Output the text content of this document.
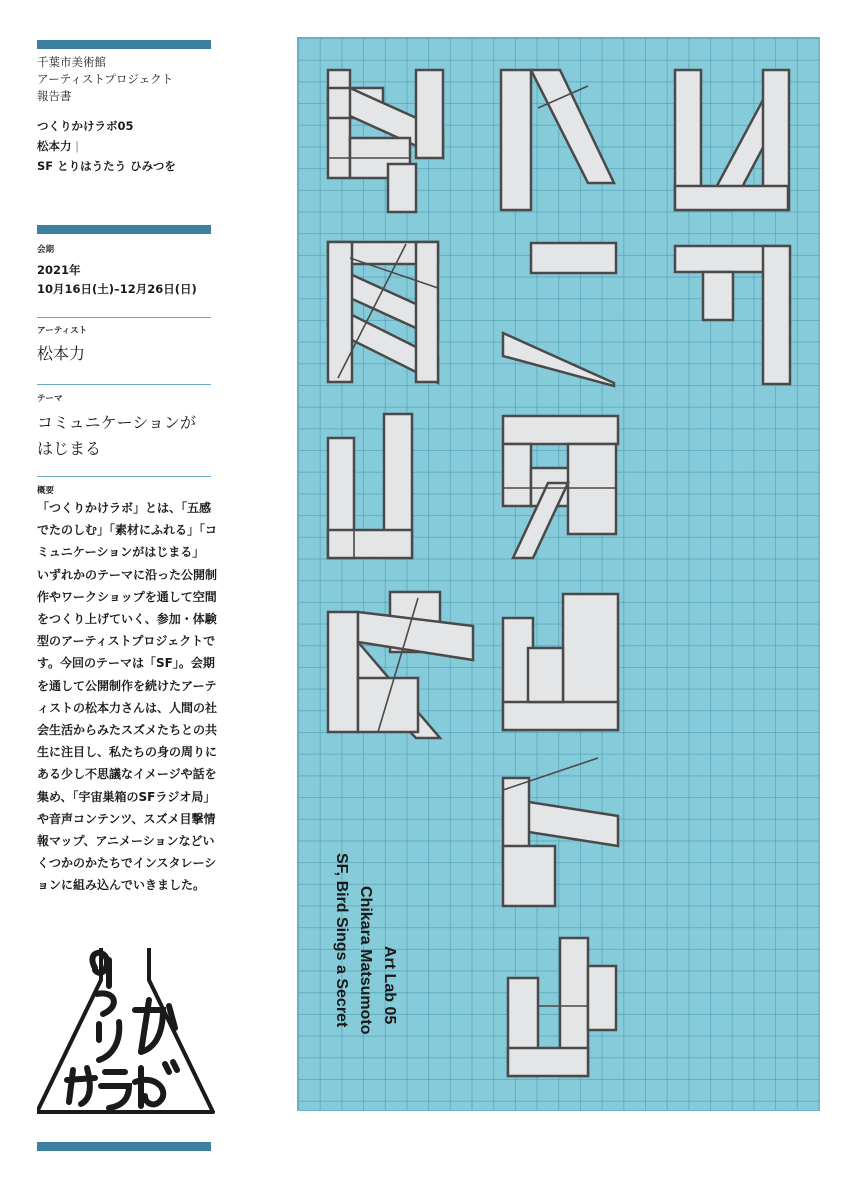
千葉市美術館

アーティストプロジェクト

報告書

つくりかけラボ05

松本力 |

SF とりはうたう ひみつを

会期

2021年

10月16日(土)–12月26日(日)

アーティスト

松本力

テーマ

コミュニケーションが

はじまる

概要

「つくりかけラボ」とは、「五感でたのしむ」「素材にふれる」「コミュニケーションがはじまる」 いずれかのテーマに沿った公開制作やワークショップを通して空間をつくり上げていく、参加・体験型のアーティストプロジェクトです。今回のテーマは「SF」。会期を通して公開制作を続けたアーティストの松本力さんは、人間の社会生活からみたスズメたちとの共生に注目し、私たちの身の周りにある少し不思議なイメージや話を集め、「宇宙巣箱のSFラジオ局」や音声コンテンツ、スズメ目撃情報マップ、アニメーションなどいくつかのかたちでインスタレーションに組み込んでいきました。

Art Lab 05
Chikara Matsumoto
SF, Bird Sings a Secret
